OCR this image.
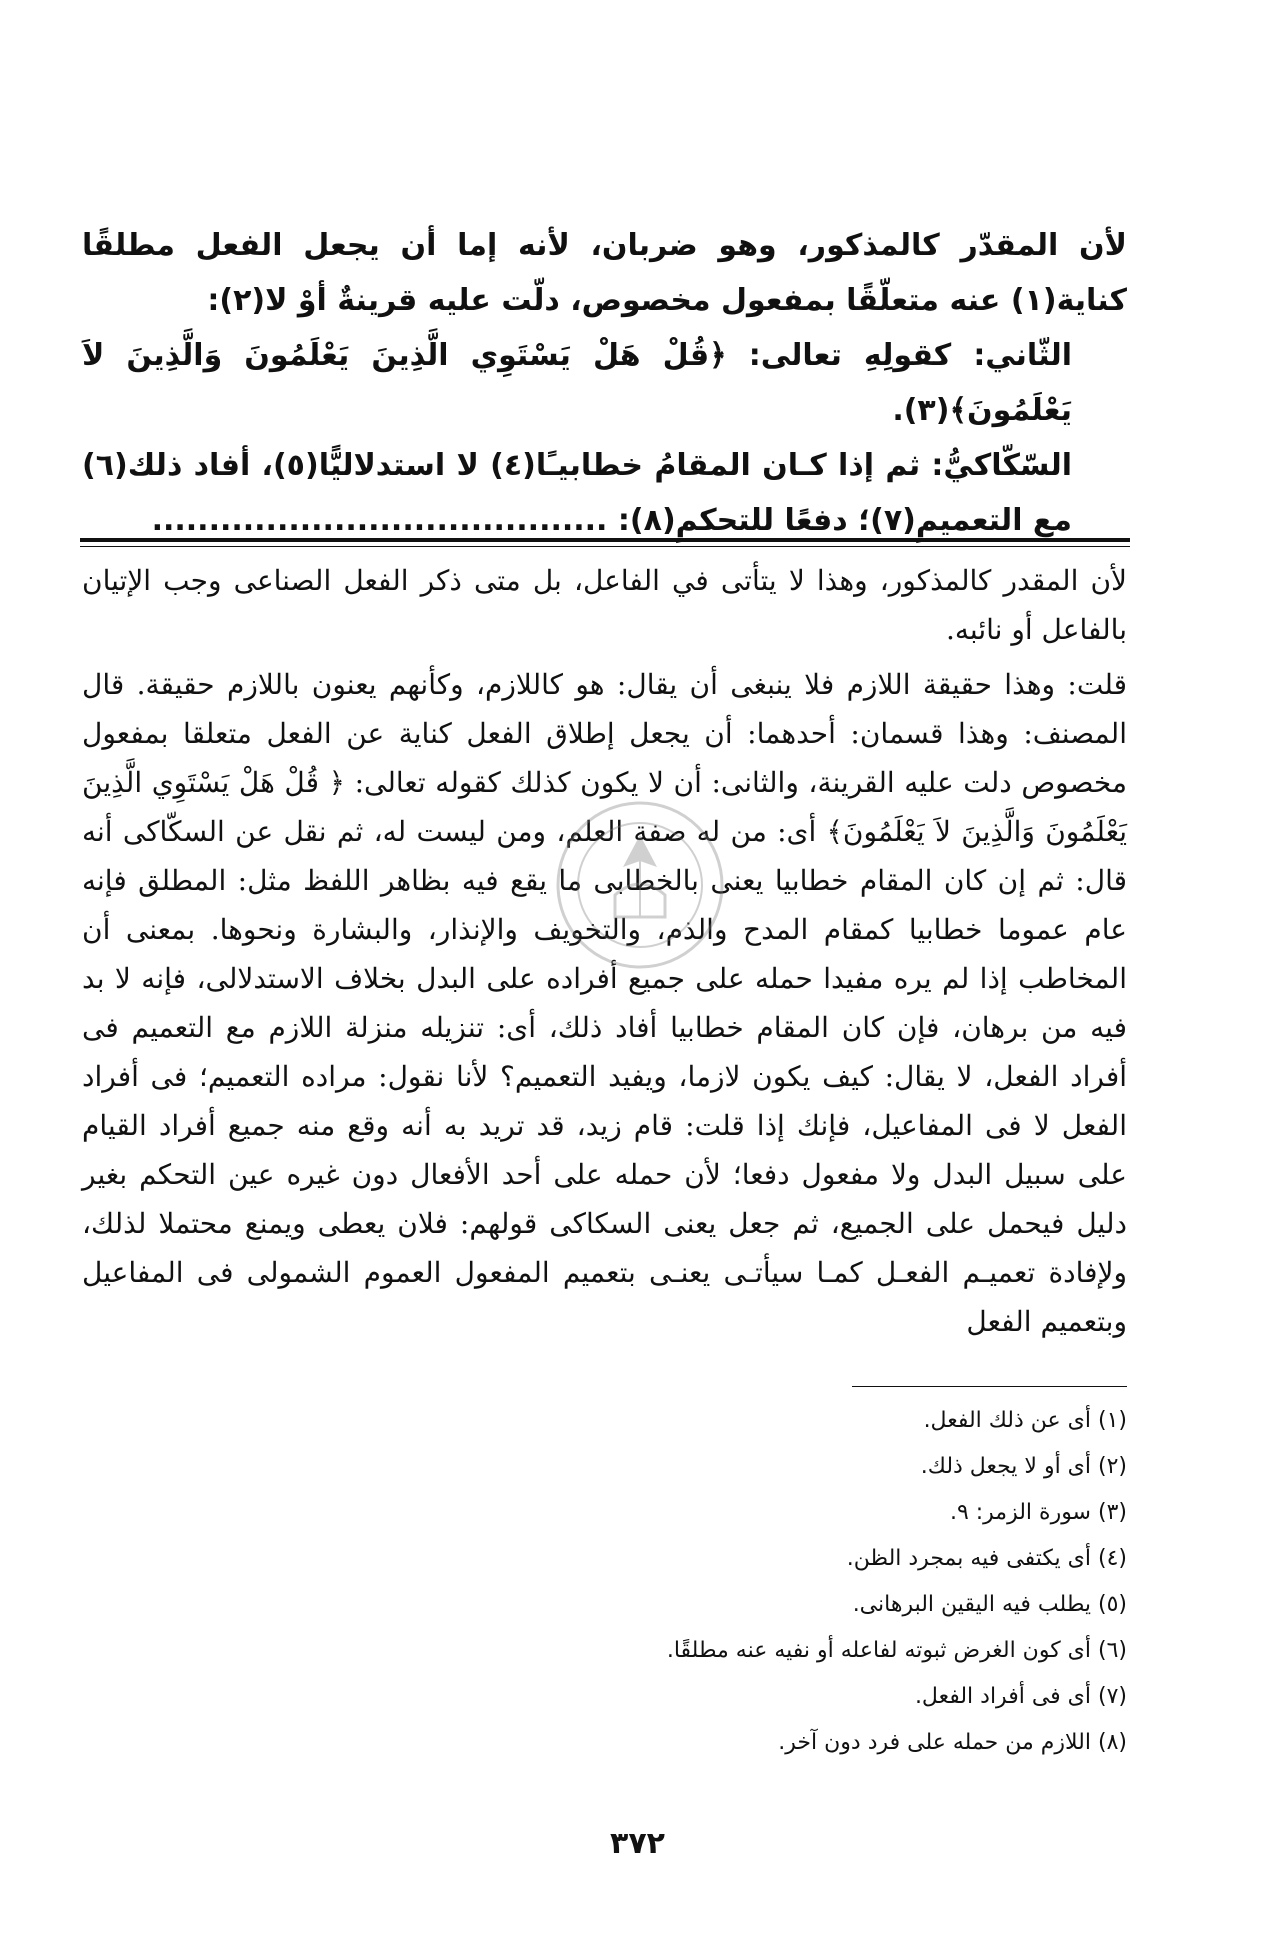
لأن المقدّر كالمذكور، وهو ضربان، لأنه إما أن يجعل الفعل مطلقًا كناية(١) عنه متعلّقًا بمفعول مخصوص، دلّت عليه قرينةٌ أوْ لا(٢):

الثّاني: كقولِهِ تعالى: ﴿قُلْ هَلْ يَسْتَوِي الَّذِينَ يَعْلَمُونَ وَالَّذِينَ لاَ يَعْلَمُونَ﴾(٣).

السّكّاكيُّ: ثم إذا كـان المقامُ خطابيـًا(٤) لا استدلاليًّا(٥)، أفاد ذلك(٦) مع التعميمِ(٧)؛ دفعًا للتحكمِ(٨): ........................................

لأن المقدر كالمذكور، وهذا لا يتأتى في الفاعل، بل متى ذكر الفعل الصناعى وجب الإتيان بالفاعل أو نائبه.

قلت: وهذا حقيقة اللازم فلا ينبغى أن يقال: هو كاللازم، وكأنهم يعنون باللازم حقيقة. قال المصنف: وهذا قسمان: أحدهما: أن يجعل إطلاق الفعل كناية عن الفعل متعلقا بمفعول مخصوص دلت عليه القرينة، والثانى: أن لا يكون كذلك كقوله تعالى: ﴿ قُلْ هَلْ يَسْتَوِي الَّذِينَ يَعْلَمُونَ وَالَّذِينَ لاَ يَعْلَمُونَ﴾ أى: من له صفة العلم، ومن ليست له، ثم نقل عن السكّاكى أنه قال: ثم إن كان المقام خطابيا يعنى بالخطابى ما يقع فيه بظاهر اللفظ مثل: المطلق فإنه عام عموما خطابيا كمقام المدح والذم، والتخويف والإنذار، والبشارة ونحوها. بمعنى أن المخاطب إذا لم يره مفيدا حمله على جميع أفراده على البدل بخلاف الاستدلالى، فإنه لا بد فيه من برهان، فإن كان المقام خطابيا أفاد ذلك، أى: تنزيله منزلة اللازم مع التعميم فى أفراد الفعل، لا يقال: كيف يكون لازما، ويفيد التعميم؟ لأنا نقول: مراده التعميم؛ فى أفراد الفعل لا فى المفاعيل، فإنك إذا قلت: قام زيد، قد تريد به أنه وقع منه جميع أفراد القيام على سبيل البدل ولا مفعول دفعا؛ لأن حمله على أحد الأفعال دون غيره عين التحكم بغير دليل فيحمل على الجميع، ثم جعل يعنى السكاكى قولهم: فلان يعطى ويمنع محتملا لذلك، ولإفادة تعميـم الفعـل كمـا سيأتـى يعنـى بتعميم المفعول العموم الشمولى فى المفاعيل وبتعميم الفعل

(١) أى عن ذلك الفعل.
(٢) أى أو لا يجعل ذلك.
(٣) سورة الزمر: ٩.
(٤) أى يكتفى فيه بمجرد الظن.
(٥) يطلب فيه اليقين البرهانى.
(٦) أى كون الغرض ثبوته لفاعله أو نفيه عنه مطلقًا.
(٧) أى فى أفراد الفعل.
(٨) اللازم من حمله على فرد دون آخر.
٣٧٢
